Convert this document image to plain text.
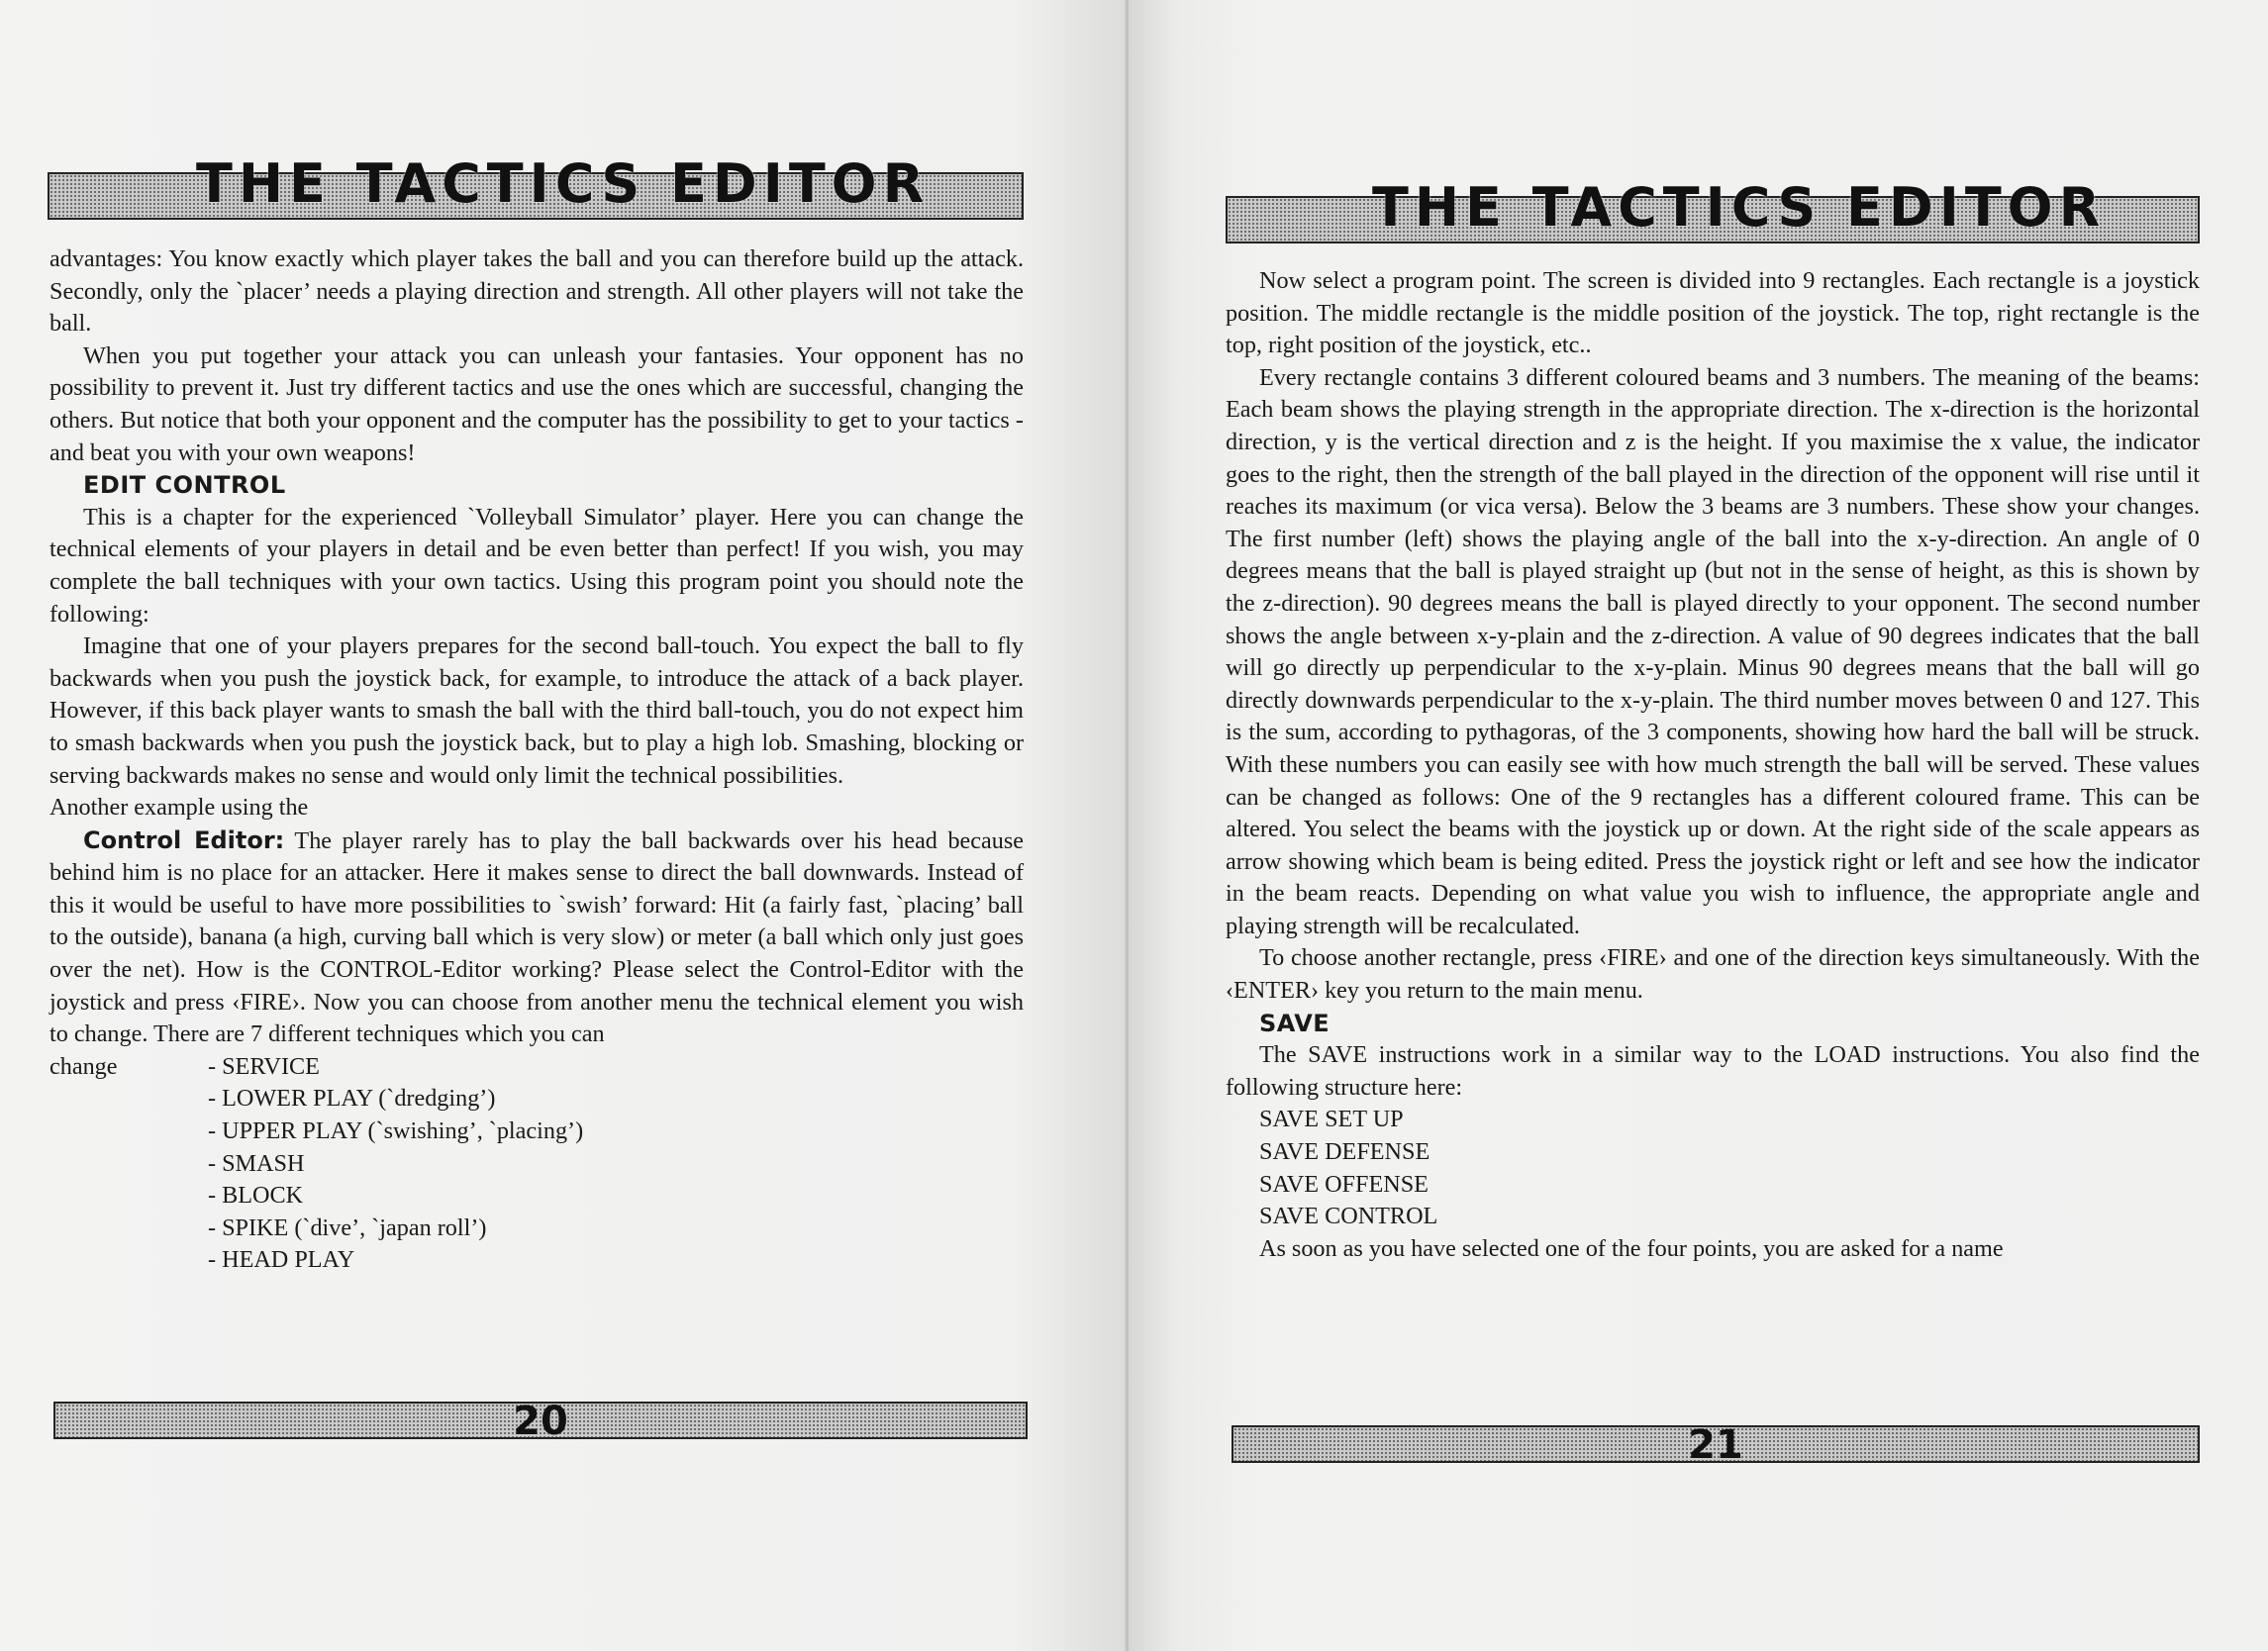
THE TACTICS EDITOR

advantages: You know exactly which player takes the ball and you can therefore build up the attack. Secondly, only the `placer’ needs a playing direction and strength. All other players will not take the ball.

When you put together your attack you can unleash your fantasies. Your opponent has no possibility to prevent it. Just try different tactics and use the ones which are successful, changing the others. But notice that both your opponent and the computer has the possibility to get to your tactics - and beat you with your own weapons!

EDIT CONTROL

This is a chapter for the experienced `Volleyball Simulator’ player. Here you can change the technical elements of your players in detail and be even better than perfect! If you wish, you may complete the ball techniques with your own tactics. Using this program point you should note the following:

Imagine that one of your players prepares for the second ball-touch. You expect the ball to fly backwards when you push the joystick back, for example, to introduce the attack of a back player. However, if this back player wants to smash the ball with the third ball-touch, you do not expect him to smash backwards when you push the joystick back, but to play a high lob. Smashing, blocking or serving backwards makes no sense and would only limit the technical possibilities.

Another example using the

Control Editor: The player rarely has to play the ball backwards over his head because behind him is no place for an attacker. Here it makes sense to direct the ball downwards. Instead of this it would be useful to have more possibilities to `swish’ forward: Hit (a fairly fast, `placing’ ball to the outside), banana (a high, curving ball which is very slow) or meter (a ball which only just goes over the net). How is the CONTROL-Editor working? Please select the Control-Editor with the joystick and press ‹FIRE›. Now you can choose from another menu the technical element you wish to change. There are 7 different techniques which you can

change	- SERVICE
- LOWER PLAY (`dredging’)
- UPPER PLAY (`swishing’, `placing’)
- SMASH
- BLOCK
- SPIKE (`dive’, `japan roll’)
- HEAD PLAY
20
THE TACTICS EDITOR

Now select a program point. The screen is divided into 9 rectangles. Each rectangle is a joystick position. The middle rectangle is the middle position of the joystick. The top, right rectangle is the top, right position of the joystick, etc..

Every rectangle contains 3 different coloured beams and 3 numbers. The meaning of the beams: Each beam shows the playing strength in the appropriate direction. The x-direction is the horizontal direction, y is the vertical direction and z is the height. If you maximise the x value, the indicator goes to the right, then the strength of the ball played in the direction of the opponent will rise until it reaches its maximum (or vica versa). Below the 3 beams are 3 numbers. These show your changes. The first number (left) shows the playing angle of the ball into the x-y-direction. An angle of 0 degrees means that the ball is played straight up (but not in the sense of height, as this is shown by the z-direction). 90 degrees means the ball is played directly to your opponent. The second number shows the angle between x-y-plain and the z-direction. A value of 90 degrees indicates that the ball will go directly up perpendicular to the x-y-plain. Minus 90 degrees means that the ball will go directly downwards perpendicular to the x-y-plain. The third number moves between 0 and 127. This is the sum, according to pythagoras, of the 3 components, showing how hard the ball will be struck. With these numbers you can easily see with how much strength the ball will be served. These values can be changed as follows: One of the 9 rectangles has a different coloured frame. This can be altered. You select the beams with the joystick up or down. At the right side of the scale appears as arrow showing which beam is being edited. Press the joystick right or left and see how the indicator in the beam reacts. Depending on what value you wish to influence, the appropriate angle and playing strength will be recalculated.

To choose another rectangle, press ‹FIRE› and one of the direction keys simultaneously. With the ‹ENTER› key you return to the main menu.

SAVE

The SAVE instructions work in a similar way to the LOAD instructions. You also find the following structure here:

SAVE SET UP
SAVE DEFENSE
SAVE OFFENSE
SAVE CONTROL

As soon as you have selected one of the four points, you are asked for a name

21
